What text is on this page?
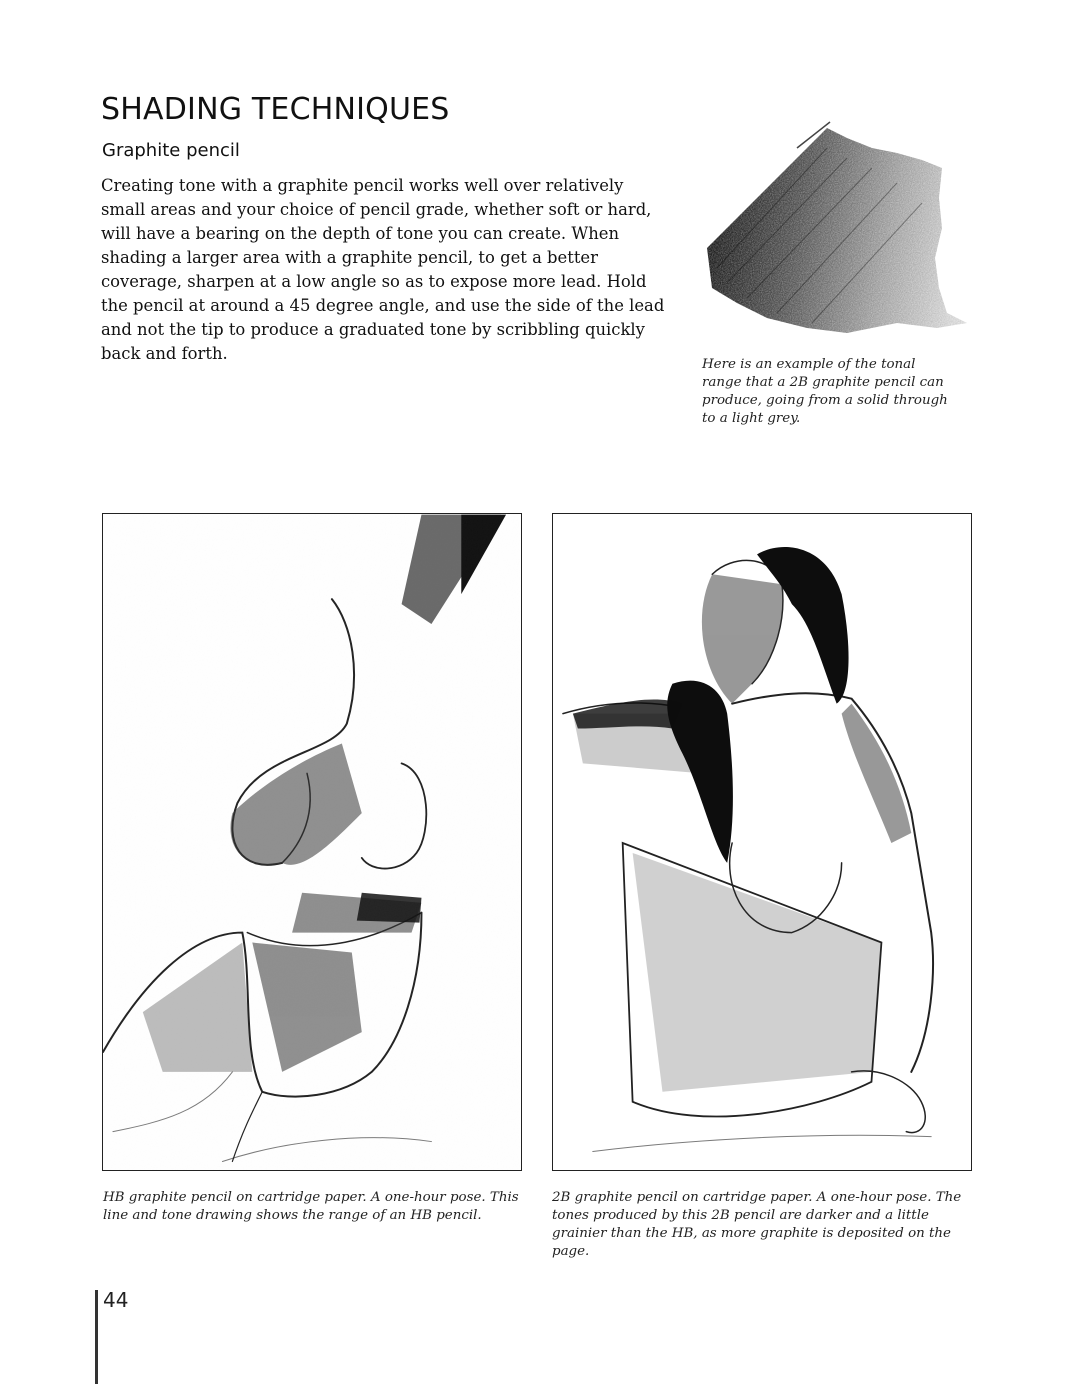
SHADING TECHNIQUES
Graphite pencil

Creating tone with a graphite pencil works well over relatively small areas and your choice of pencil grade, whether soft or hard, will have a bearing on the depth of tone you can create. When shading a larger area with a graphite pencil, to get a better coverage, sharpen at a low angle so as to expose more lead. Hold the pencil at around a 45 degree angle, and use the side of the lead and not the tip to produce a graduated tone by scribbling quickly back and forth.

Here is an example of the tonal range that a 2B graphite pencil can produce, going from a solid through to a light grey.

HB graphite pencil on cartridge paper. A one-hour pose. This line and tone drawing shows the range of an HB pencil.

2B graphite pencil on cartridge paper. A one-hour pose. The tones produced by this 2B pencil are darker and a little grainier than the HB, as more graphite is deposited on the page.

44
